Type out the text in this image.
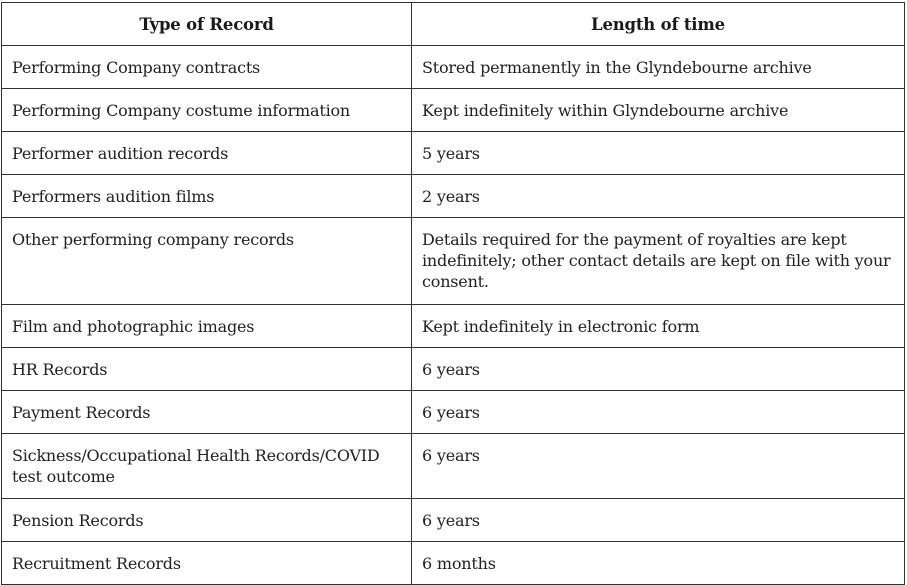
Type of Record	Length of time
Performing Company contracts	Stored permanently in the Glyndebourne archive
Performing Company costume information	Kept indefinitely within Glyndebourne archive
Performer audition records	5 years
Performers audition films	2 years
Other performing company records	Details required for the payment of royalties are kept indefinitely; other contact details are kept on file with your consent.
Film and photographic images	Kept indefinitely in electronic form
HR Records	6 years
Payment Records	6 years
Sickness/Occupational Health Records/COVID test outcome	6 years
Pension Records	6 years
Recruitment Records	6 months
